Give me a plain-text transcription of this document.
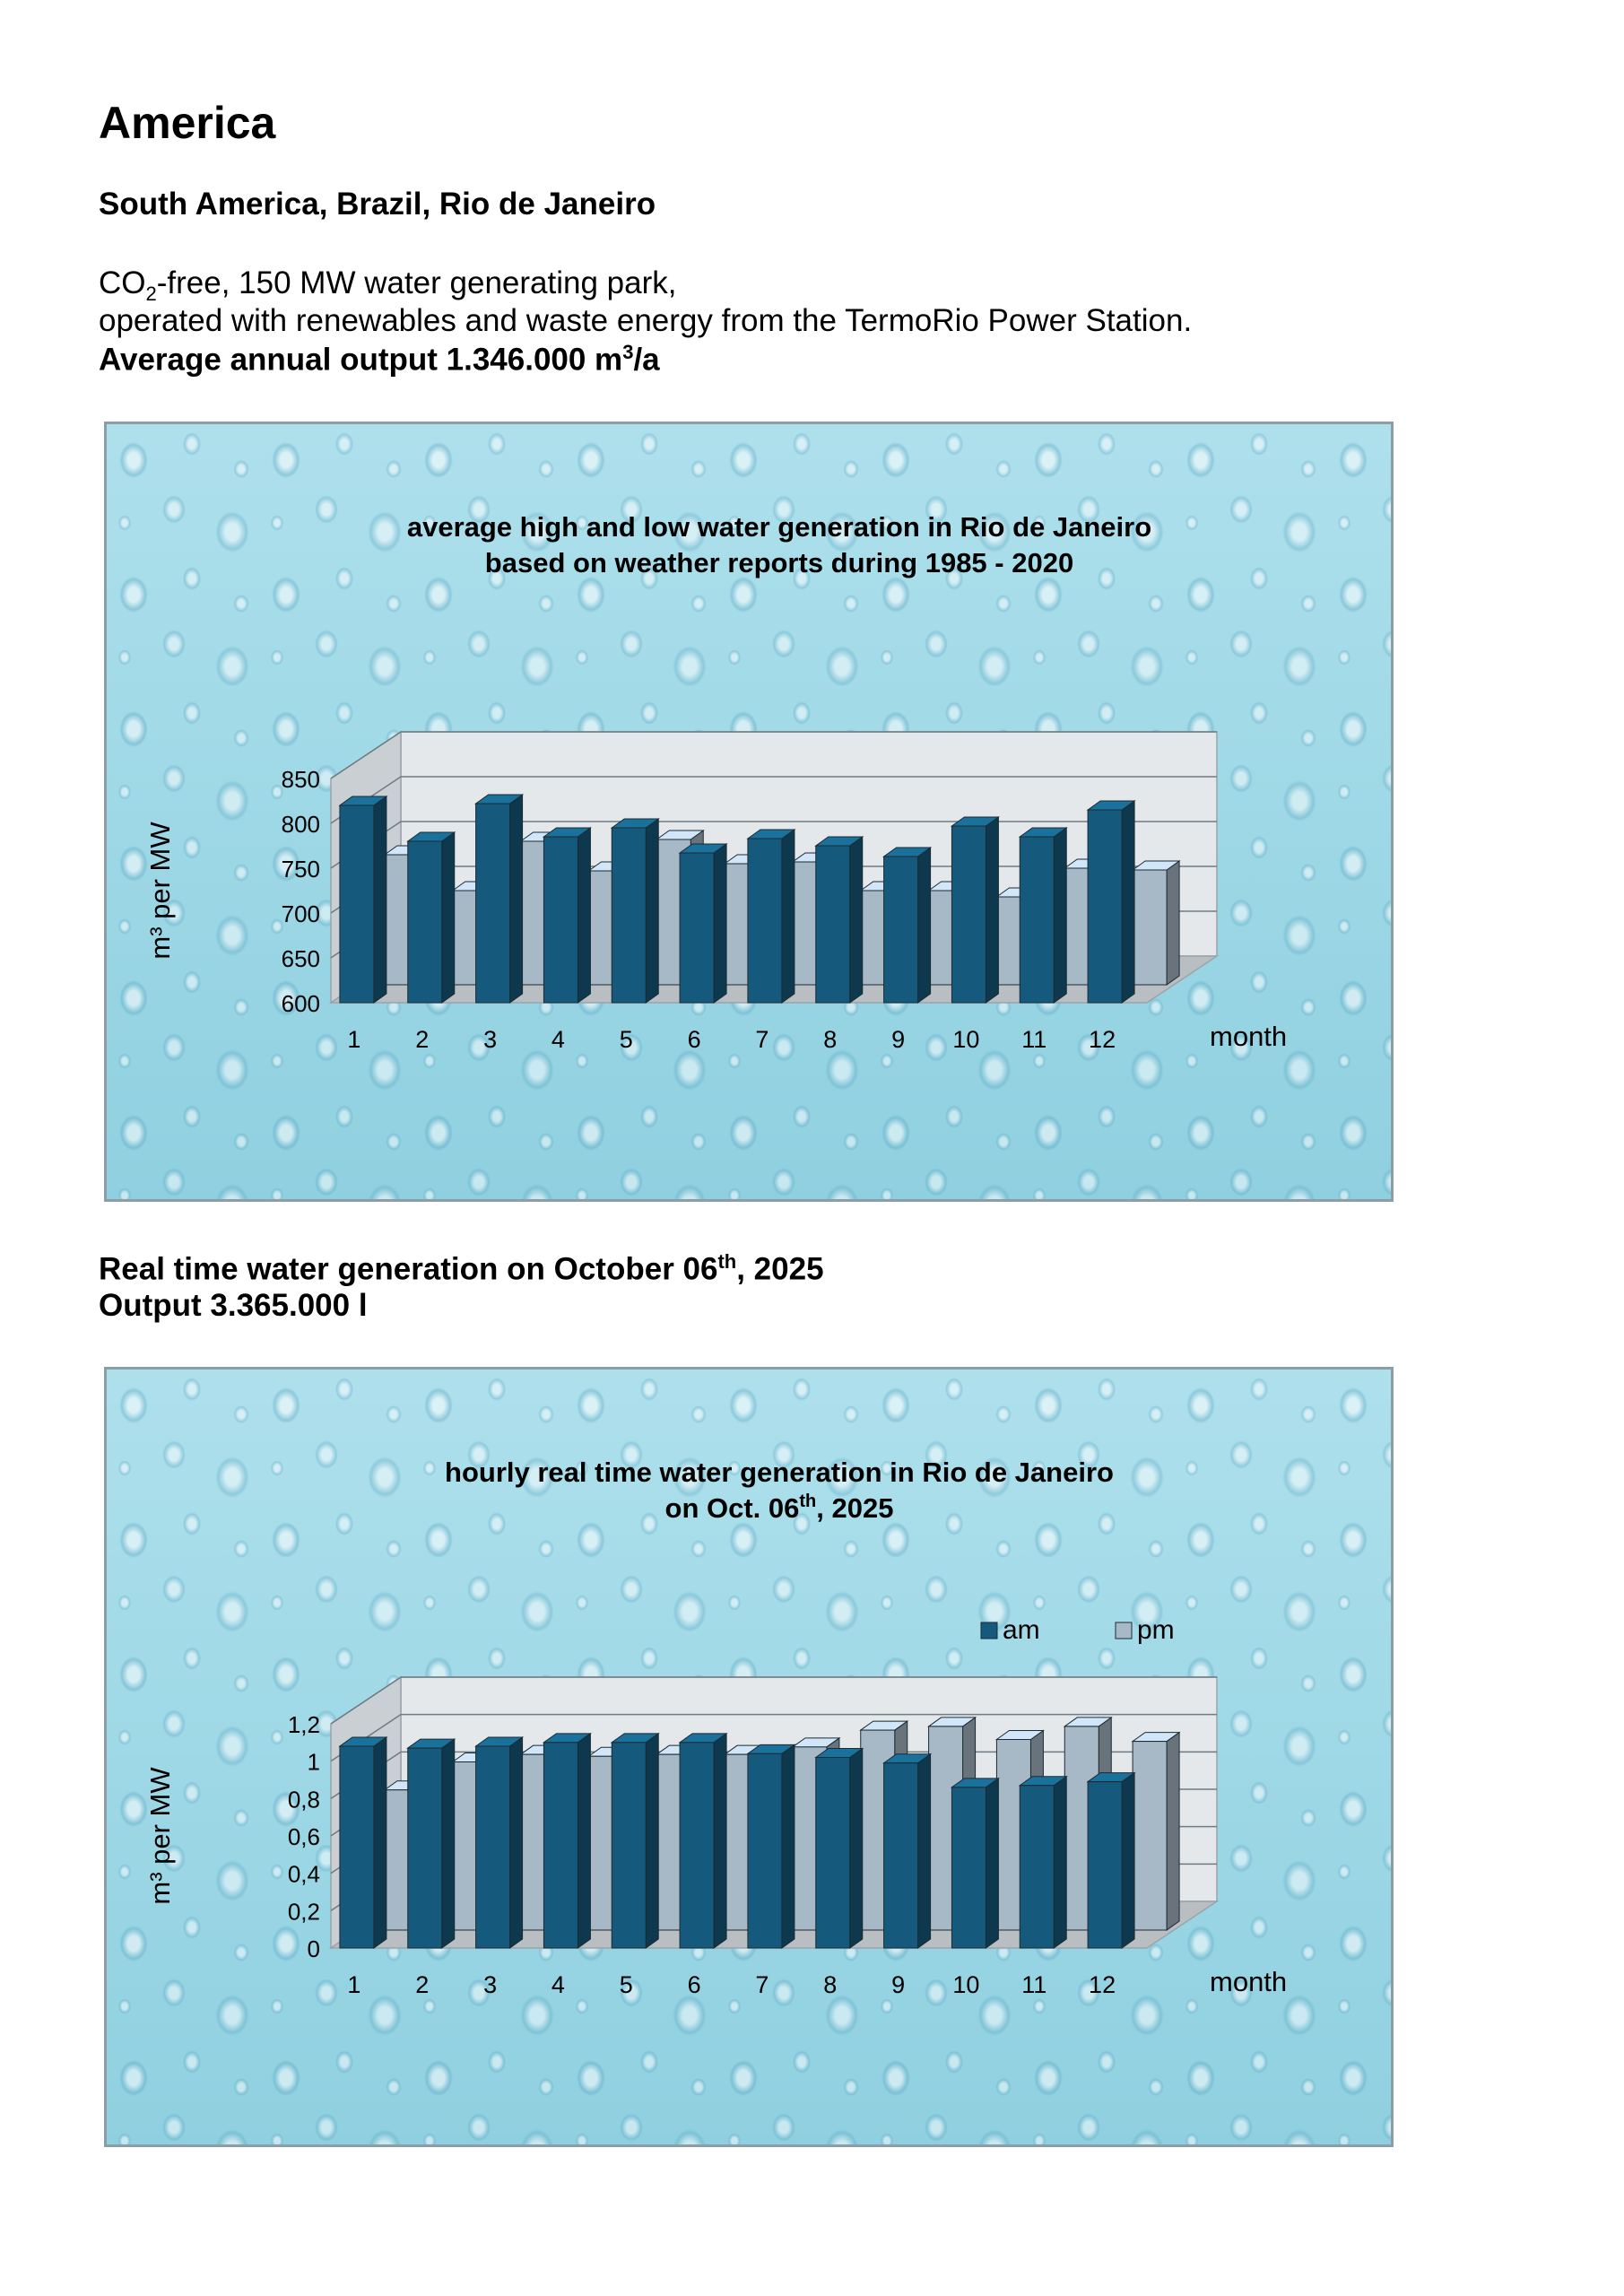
America
South America, Brazil, Rio de Janeiro

$CO_2$-free, 150 MW water generating park,

operated with renewables and waste energy from the TermoRio Power Station.

Average annual output 1.346.000 $m^3/a$

600
650
700
750
800
850
1 2 3 4 5 6 7 8 9 10 11 12	month
m³ per MW
average high and low water generation in Rio de Janeiro
based on weather reports during 1985 - 2020

Real time water generation on October 06th, 2025

Output 3.365.000 l

0
0,2
0,4
0,6
0,8
1
1,2
1 2 3 4 5 6 7 8 9 10 11 12	month
m³ per MW
hourly real time water generation in Rio de Janeiro
on Oct. 06th, 2025
am	pm
